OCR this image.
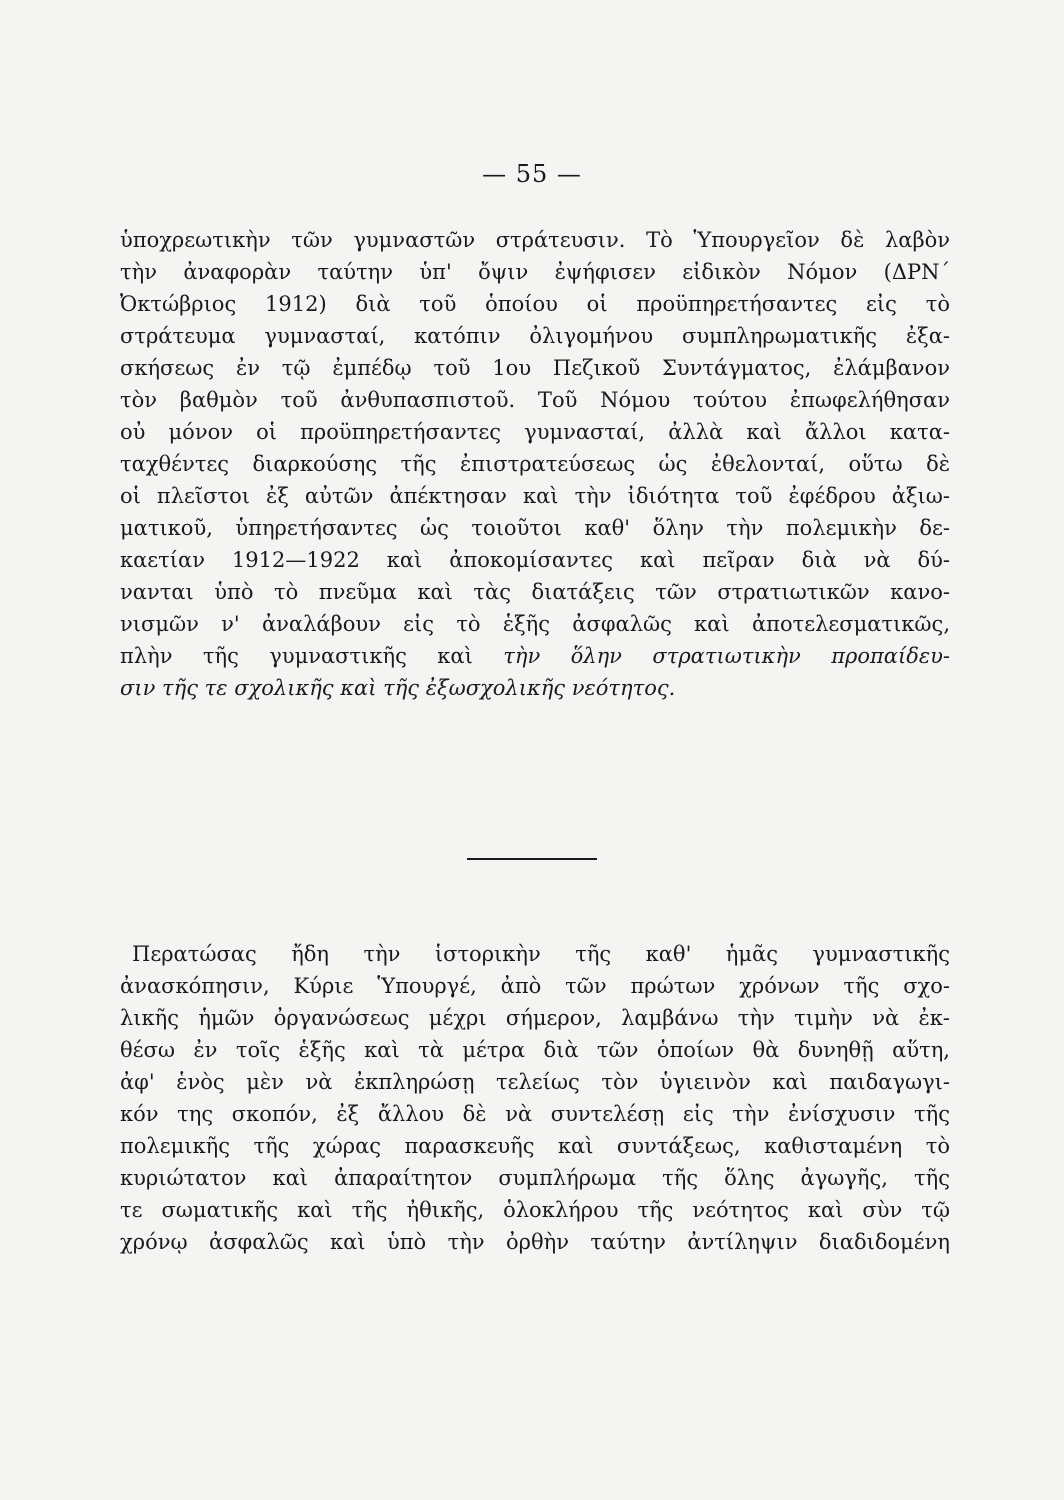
— 55 —
ὑποχρεωτικὴν τῶν γυμναστῶν στράτευσιν. Τὸ Ὑπουργεῖον δὲ λαβὸν
τὴν ἀναφορὰν ταύτην ὑπ' ὄψιν ἐψήφισεν εἰδικὸν Νόμον (ΔΡΝ΄
Ὀκτώβριος 1912) διὰ τοῦ ὁποίου οἱ προϋπηρετήσαντες εἰς τὸ
στράτευμα γυμνασταί, κατόπιν ὀλιγομήνου συμπληρωματικῆς ἐξα-
σκήσεως ἐν τῷ ἐμπέδῳ τοῦ 1ου Πεζικοῦ Συντάγματος, ἐλάμβανον
τὸν βαθμὸν τοῦ ἀνθυπασπιστοῦ. Τοῦ Νόμου τούτου ἐπωφελήθησαν
οὐ μόνον οἱ προϋπηρετήσαντες γυμνασταί, ἀλλὰ καὶ ἄλλοι κατα-
ταχθέντες διαρκούσης τῆς ἐπιστρατεύσεως ὡς ἐθελονταί, οὕτω δὲ
οἱ πλεῖστοι ἐξ αὐτῶν ἀπέκτησαν καὶ τὴν ἰδιότητα τοῦ ἐφέδρου ἀξιω-
ματικοῦ, ὑπηρετήσαντες ὡς τοιοῦτοι καθ' ὅλην τὴν πολεμικὴν δε-
καετίαν 1912—1922 καὶ ἀποκομίσαντες καὶ πεῖραν διὰ νὰ δύ-
νανται ὑπὸ τὸ πνεῦμα καὶ τὰς διατάξεις τῶν στρατιωτικῶν κανο-
νισμῶν ν' ἀναλάβουν εἰς τὸ ἑξῆς ἀσφαλῶς καὶ ἀποτελεσματικῶς,
πλὴν τῆς γυμναστικῆς καὶ τὴν ὅλην στρατιωτικὴν προπαίδευ-
σιν τῆς τε σχολικῆς καὶ τῆς ἐξωσχολικῆς νεότητος.
Περατώσας ἤδη τὴν ἱστορικὴν τῆς καθ' ἡμᾶς γυμναστικῆς
ἀνασκόπησιν, Κύριε Ὑπουργέ, ἀπὸ τῶν πρώτων χρόνων τῆς σχο-
λικῆς ἡμῶν ὀργανώσεως μέχρι σήμερον, λαμβάνω τὴν τιμὴν νὰ ἐκ-
θέσω ἐν τοῖς ἑξῆς καὶ τὰ μέτρα διὰ τῶν ὁποίων θὰ δυνηθῇ αὕτη,
ἀφ' ἑνὸς μὲν νὰ ἐκπληρώσῃ τελείως τὸν ὑγιεινὸν καὶ παιδαγωγι-
κόν της σκοπόν, ἐξ ἄλλου δὲ νὰ συντελέσῃ εἰς τὴν ἐνίσχυσιν τῆς
πολεμικῆς τῆς χώρας παρασκευῆς καὶ συντάξεως, καθισταμένη τὸ
κυριώτατον καὶ ἀπαραίτητον συμπλήρωμα τῆς ὅλης ἀγωγῆς, τῆς
τε σωματικῆς καὶ τῆς ἠθικῆς, ὁλοκλήρου τῆς νεότητος καὶ σὺν τῷ
χρόνῳ ἀσφαλῶς καὶ ὑπὸ τὴν ὀρθὴν ταύτην ἀντίληψιν διαδιδομένη
